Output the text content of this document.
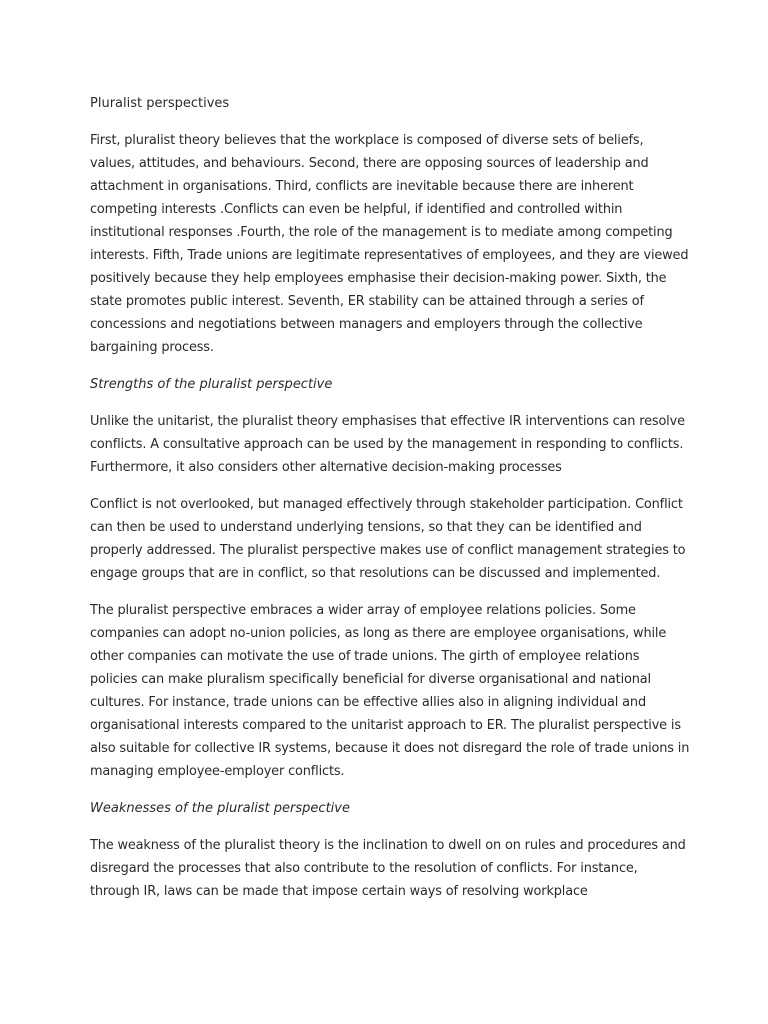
Pluralist perspectives

First, pluralist theory believes that the workplace is composed of diverse sets of beliefs, values, attitudes, and behaviours. Second, there are opposing sources of leadership and attachment in organisations. Third, conflicts are inevitable because there are inherent competing interests .Conflicts can even be helpful, if identified and controlled within institutional responses .Fourth, the role of the management is to mediate among competing interests. Fifth, Trade unions are legitimate representatives of employees, and they are viewed positively because they help employees emphasise their decision-making power. Sixth, the state promotes public interest. Seventh, ER stability can be attained through a series of concessions and negotiations between managers and employers through the collective bargaining process.

Strengths of the pluralist perspective

Unlike the unitarist, the pluralist theory emphasises that effective IR interventions can resolve conflicts. A consultative approach can be used by the management in responding to conflicts. Furthermore, it also considers other alternative decision-making processes

Conflict is not overlooked, but managed effectively through stakeholder participation. Conflict can then be used to understand underlying tensions, so that they can be identified and properly addressed. The pluralist perspective makes use of conflict management strategies to engage groups that are in conflict, so that resolutions can be discussed and implemented.

The pluralist perspective embraces a wider array of employee relations policies. Some companies can adopt no-union policies, as long as there are employee organisations, while other companies can motivate the use of trade unions. The girth of employee relations policies can make pluralism specifically beneficial for diverse organisational and national cultures. For instance, trade unions can be effective allies also in aligning individual and organisational interests compared to the unitarist approach to ER. The pluralist perspective is also suitable for collective IR systems, because it does not disregard the role of trade unions in managing employee-employer conflicts.

Weaknesses of the pluralist perspective

The weakness of the pluralist theory is the inclination to dwell on on rules and procedures and disregard the processes that also contribute to the resolution of conflicts. For instance, through IR, laws can be made that impose certain ways of resolving workplace
